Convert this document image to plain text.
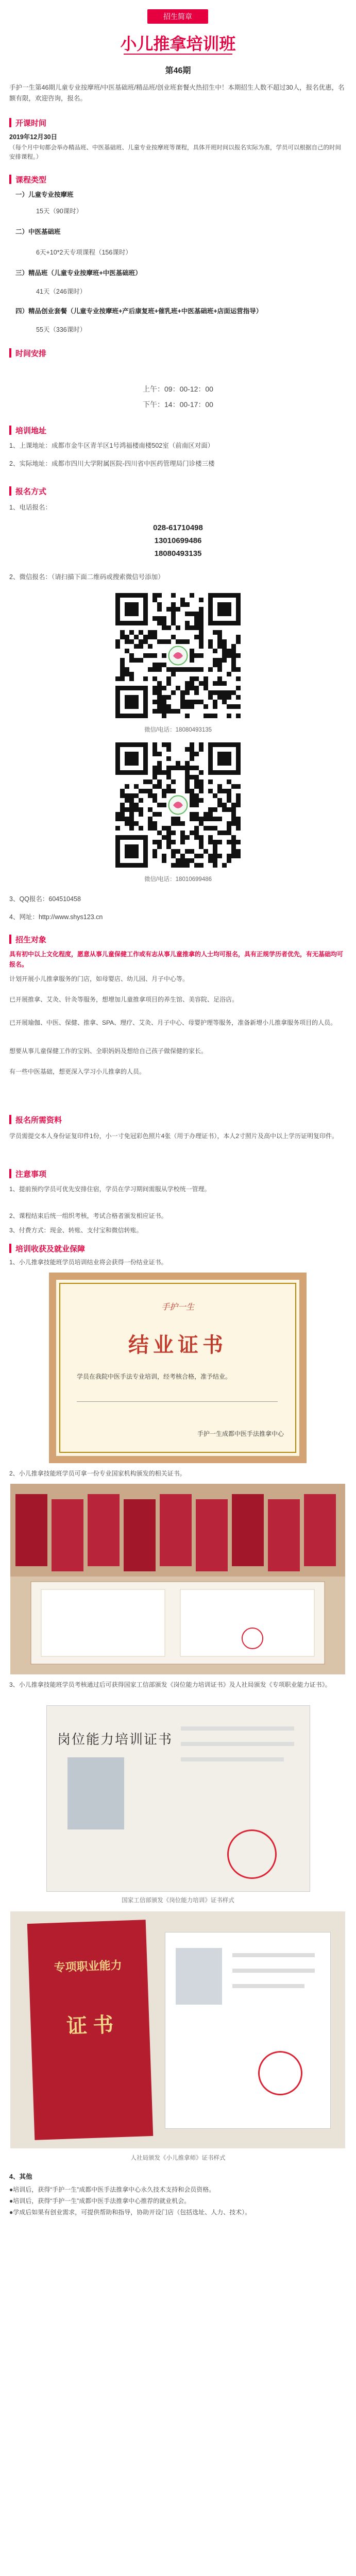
招生简章
小儿推拿培训班
第46期
手护一生第46期儿童专业按摩班/中医基础班/精品班/创业班套餐火热招生中！本期招生人数不超过30人，报名优惠，名额有限，欢迎咨询，报名。
开课时间
2019年12月30日
（每个月中旬都会举办精品班、中医基础班、儿童专业按摩班等课程，具体开班时间以报名实际为准，学员可以根据自己的时间安排课程。）
课程类型
一）儿童专业按摩班
15天（90课时）
二）中医基础班
6天+10*2天专项课程（156课时）
三）精品班（儿童专业按摩班+中医基础班）
41天（246课时）
四）精品创业套餐（儿童专业按摩班+产后康复班+催乳班+中医基础班+店面运营指导）
55天（336课时）
时间安排
上午：09：00-12：00
下午：14：00-17：00
培训地址
1、上课地址：成都市金牛区青羊区1号鸿福楼南楼502室（前南区对面）
2、实际地址：成都市四川大学附属医院-四川省中医药管理局门诊楼三楼
报名方式
1、电话报名：
028-61710498
13010699486
18080493135
2、微信报名：（请扫描下面二维码或搜索微信号添加）
微信/电话：18080493135
微信/电话：18010699486
3、QQ报名：604510458
4、网址：http://www.shys123.cn
招生对象
具有初中以上文化程度，愿意从事儿童保健工作或有志从事儿童推拿的人士均可报名，具有正规学历者优先，有无基础均可报名。
计划开展小儿推拿服务的门店，如母婴店、幼儿园、月子中心等。
已开展推拿、艾灸、针灸等服务，想增加儿童推拿项目的养生馆、美容院、足浴店。
已开展瑜伽、中医、保健、推拿、SPA、理疗、艾灸、月子中心、母婴护理等服务，准备新增小儿推拿服务项目的人员。
想要从事儿童保健工作的宝妈、全职妈妈及想给自己孩子做保健的家长。
有一些中医基础，想更深入学习小儿推拿的人员。
报名所需资料
学员需提交本人身份证复印件1份，小一寸免冠彩色照片4张（用于办理证书），本人2寸照片及高中以上学历证明复印件。
注意事项
1、提前预约学员可优先安排住宿，学员在学习期间需服从学校统一管理。
2、课程结束后统一组织考核，考试合格者颁发相应证书。
3、付费方式：现金、转账、支付宝和微信转账。
培训收获及就业保障
1、小儿推拿技能班学员培训结业将会获得一份结业证书。
手护一生
结业证书
学员在我院中医手法专业培训，经考核合格，准予结业。
手护一生成都中医手法推拿中心
2、小儿推拿技能班学员可拿一份专业国家机构颁发的相关证书。
3、小儿推拿技能班学员考核通过后可获得国家工信部颁发《岗位能力培训证书》及人社局颁发《专项职业能力证书》。
岗位能力培训证书
国家工信部颁发《岗位能力培训》证书样式
专项职业能力
证 书
人社局颁发《小儿推拿师》证书样式
4、其他
●培训后，获得“手护一生”成都中医手法推拿中心永久技术支持和会员资格。
●培训后，获得“手护一生”成都中医手法推拿中心推荐的就业机会。
●学成后如果有创业需求，可提供帮助和指导，协助开设门店（包括选址、人力、技术）。
